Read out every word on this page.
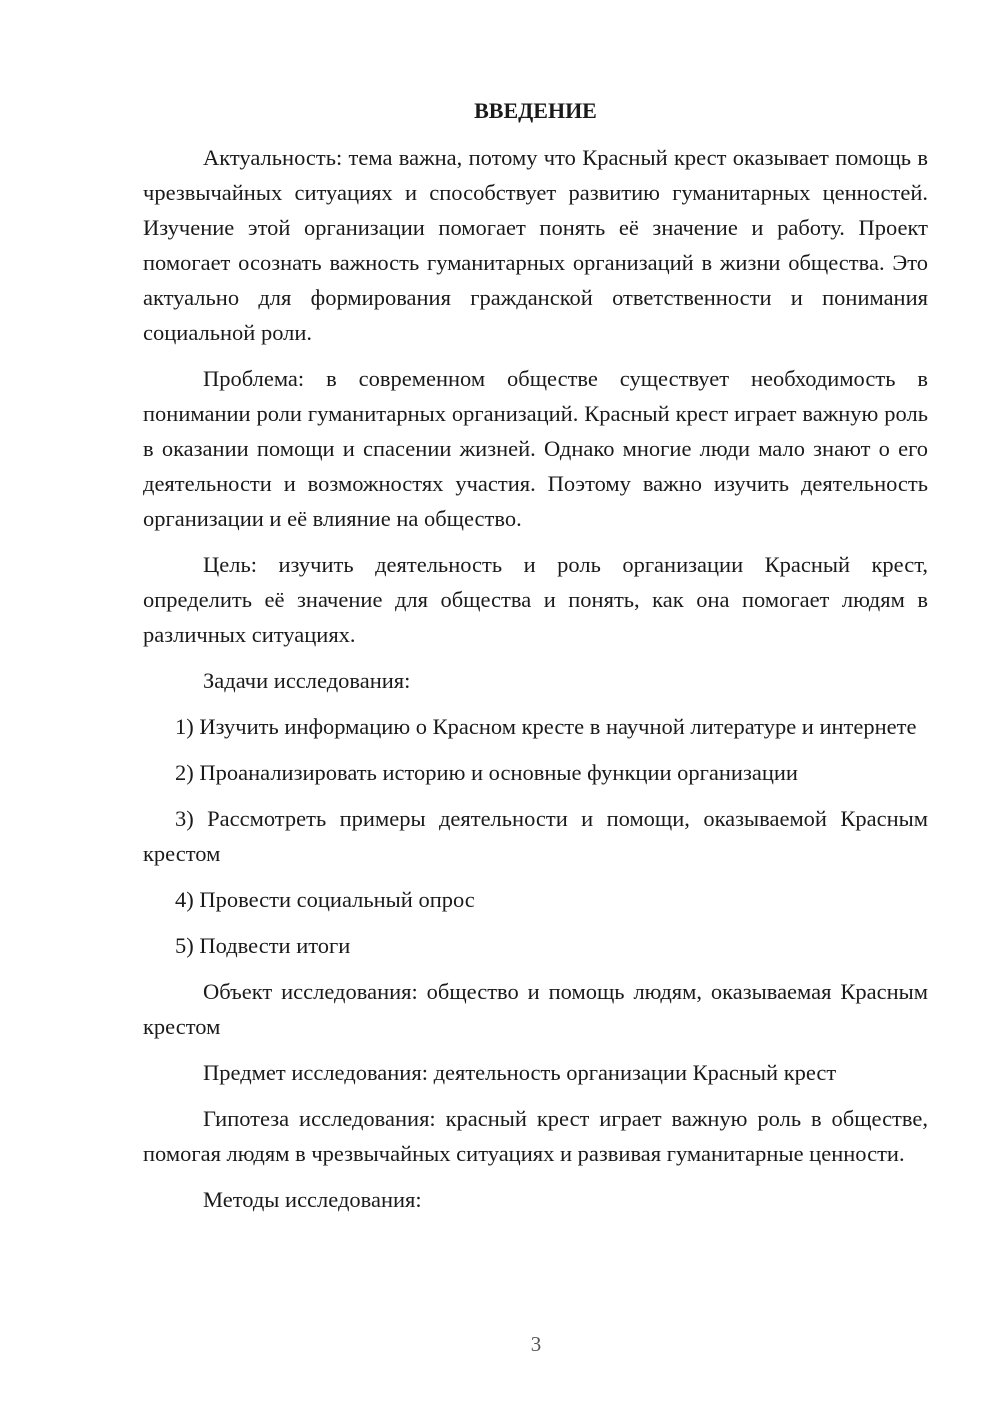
ВВЕДЕНИЕ

Актуальность: тема важна, потому что Красный крест оказывает помощь в чрезвычайных ситуациях и способствует развитию гуманитарных ценностей. Изучение этой организации помогает понять её значение и работу. Проект помогает осознать важность гуманитарных организаций в жизни общества. Это актуально для формирования гражданской ответственности и понимания социальной роли.

Проблема: в современном обществе существует необходимость в понимании роли гуманитарных организаций. Красный крест играет важную роль в оказании помощи и спасении жизней. Однако многие люди мало знают о его деятельности и возможностях участия. Поэтому важно изучить деятельность организации и её влияние на общество.

Цель: изучить деятельность и роль организации Красный крест, определить её значение для общества и понять, как она помогает людям в различных ситуациях.

Задачи исследования:

1) Изучить информацию о Красном кресте в научной литературе и интернете

2) Проанализировать историю и основные функции организации

3) Рассмотреть примеры деятельности и помощи, оказываемой Красным крестом

4) Провести социальный опрос

5) Подвести итоги

Объект исследования: общество и помощь людям, оказываемая Красным крестом

Предмет исследования: деятельность организации Красный крест

Гипотеза исследования: красный крест играет важную роль в обществе, помогая людям в чрезвычайных ситуациях и развивая гуманитарные ценности.

Методы исследования:

3
